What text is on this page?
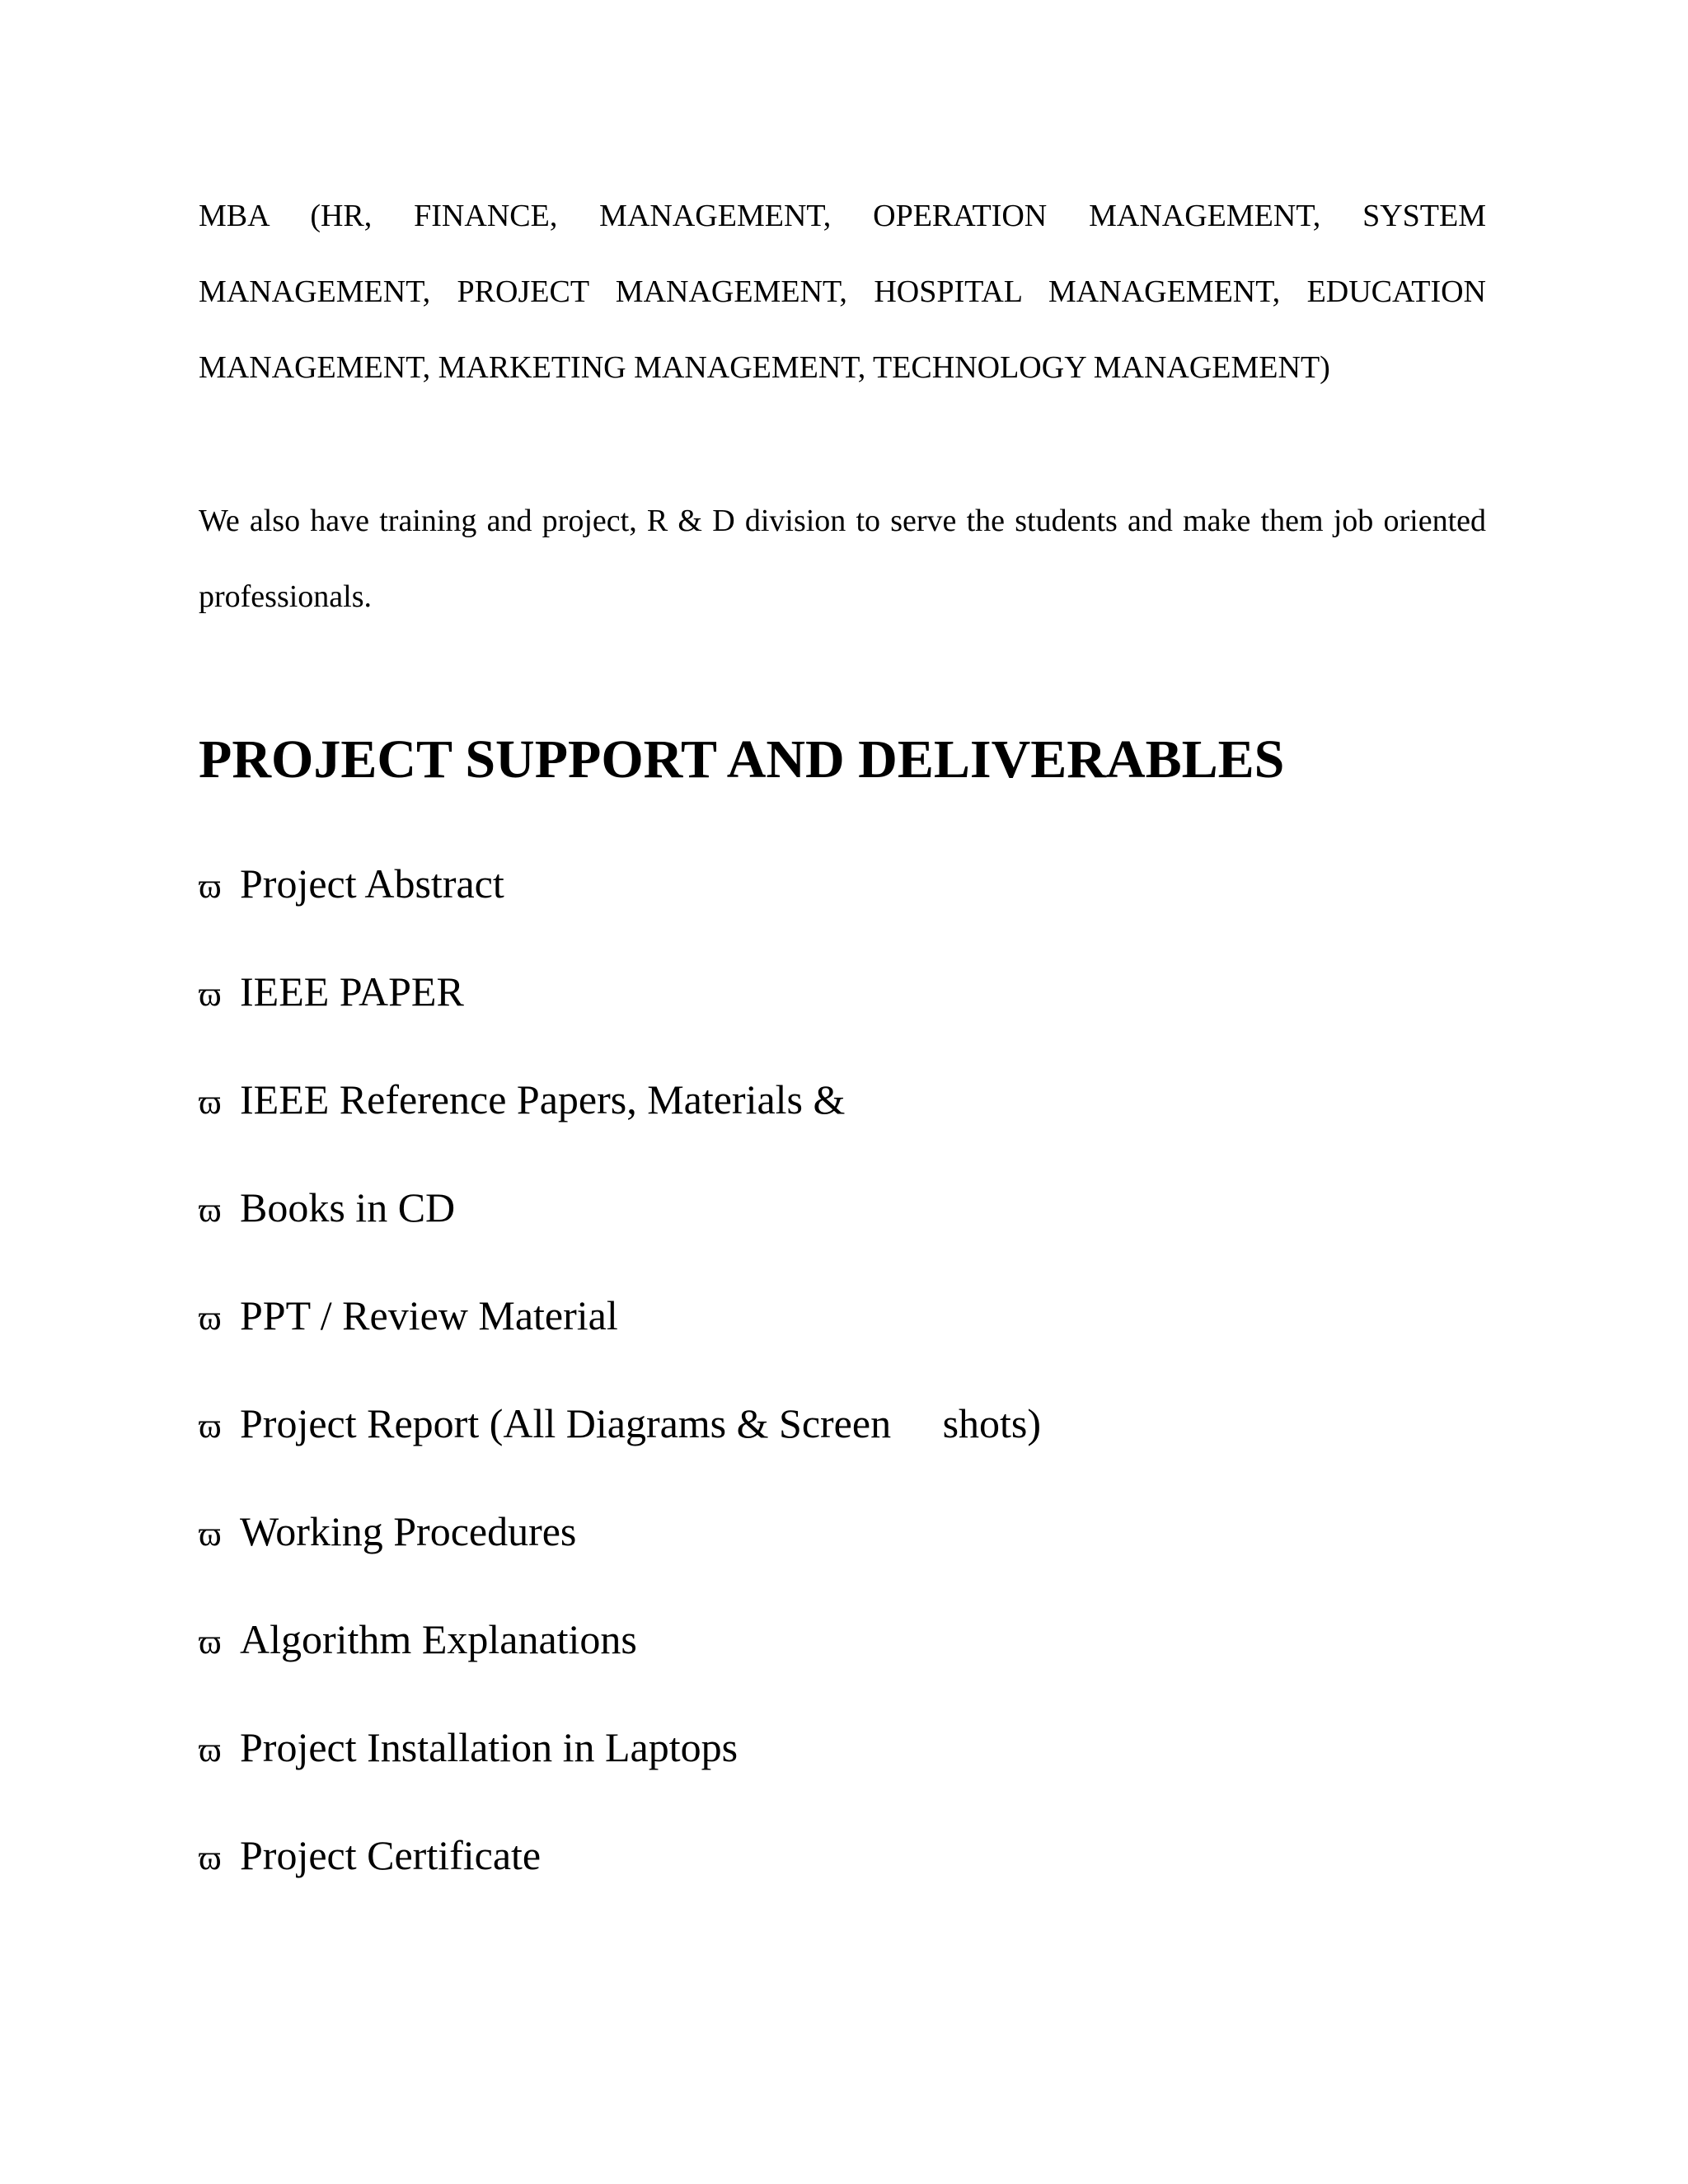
MBA (HR, FINANCE, MANAGEMENT, OPERATION MANAGEMENT, SYSTEM MANAGEMENT, PROJECT MANAGEMENT, HOSPITAL MANAGEMENT, EDUCATION MANAGEMENT, MARKETING MANAGEMENT, TECHNOLOGY MANAGEMENT)

We also have training and project, R & D division to serve the students and make them job oriented professionals.

PROJECT SUPPORT AND DELIVERABLES
ϖ Project Abstract
ϖ IEEE PAPER
ϖ IEEE Reference Papers, Materials &
ϖ Books in CD
ϖ PPT / Review Material
ϖ Project Report (All Diagrams & Screen     shots)
ϖ Working Procedures
ϖ Algorithm Explanations
ϖ Project Installation in Laptops
ϖ Project Certificate
